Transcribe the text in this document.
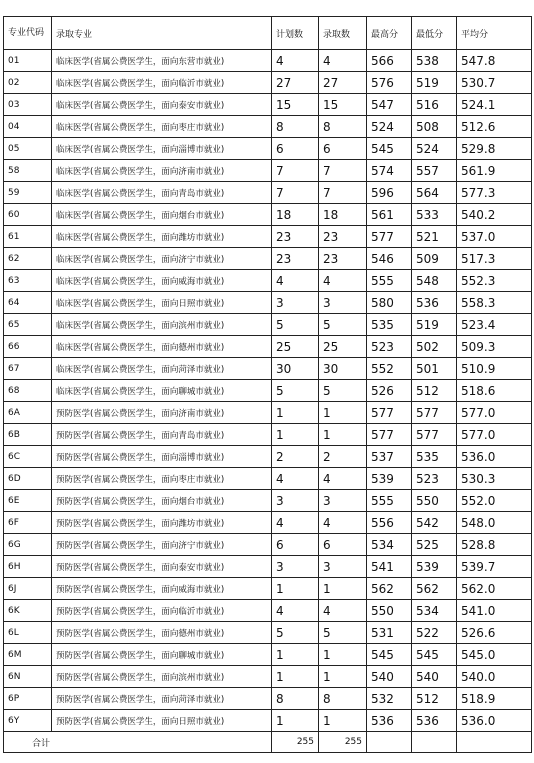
专业代码	录取专业	计划数	录取数	最高分	最低分	平均分
01	临床医学(省属公费医学生，面向东营市就业)	4	4	566	538	547.8
02	临床医学(省属公费医学生，面向临沂市就业)	27	27	576	519	530.7
03	临床医学(省属公费医学生，面向泰安市就业)	15	15	547	516	524.1
04	临床医学(省属公费医学生，面向枣庄市就业)	8	8	524	508	512.6
05	临床医学(省属公费医学生，面向淄博市就业)	6	6	545	524	529.8
58	临床医学(省属公费医学生，面向济南市就业)	7	7	574	557	561.9
59	临床医学(省属公费医学生，面向青岛市就业)	7	7	596	564	577.3
60	临床医学(省属公费医学生，面向烟台市就业)	18	18	561	533	540.2
61	临床医学(省属公费医学生，面向潍坊市就业)	23	23	577	521	537.0
62	临床医学(省属公费医学生，面向济宁市就业)	23	23	546	509	517.3
63	临床医学(省属公费医学生，面向威海市就业)	4	4	555	548	552.3
64	临床医学(省属公费医学生，面向日照市就业)	3	3	580	536	558.3
65	临床医学(省属公费医学生，面向滨州市就业)	5	5	535	519	523.4
66	临床医学(省属公费医学生，面向德州市就业)	25	25	523	502	509.3
67	临床医学(省属公费医学生，面向菏泽市就业)	30	30	552	501	510.9
68	临床医学(省属公费医学生，面向聊城市就业)	5	5	526	512	518.6
6A	预防医学(省属公费医学生，面向济南市就业)	1	1	577	577	577.0
6B	预防医学(省属公费医学生，面向青岛市就业)	1	1	577	577	577.0
6C	预防医学(省属公费医学生，面向淄博市就业)	2	2	537	535	536.0
6D	预防医学(省属公费医学生，面向枣庄市就业)	4	4	539	523	530.3
6E	预防医学(省属公费医学生，面向烟台市就业)	3	3	555	550	552.0
6F	预防医学(省属公费医学生，面向潍坊市就业)	4	4	556	542	548.0
6G	预防医学(省属公费医学生，面向济宁市就业)	6	6	534	525	528.8
6H	预防医学(省属公费医学生，面向泰安市就业)	3	3	541	539	539.7
6J	预防医学(省属公费医学生，面向威海市就业)	1	1	562	562	562.0
6K	预防医学(省属公费医学生，面向临沂市就业)	4	4	550	534	541.0
6L	预防医学(省属公费医学生，面向德州市就业)	5	5	531	522	526.6
6M	预防医学(省属公费医学生，面向聊城市就业)	1	1	545	545	545.0
6N	预防医学(省属公费医学生，面向滨州市就业)	1	1	540	540	540.0
6P	预防医学(省属公费医学生，面向菏泽市就业)	8	8	532	512	518.9
6Y	预防医学(省属公费医学生，面向日照市就业)	1	1	536	536	536.0
合计		255	255			
